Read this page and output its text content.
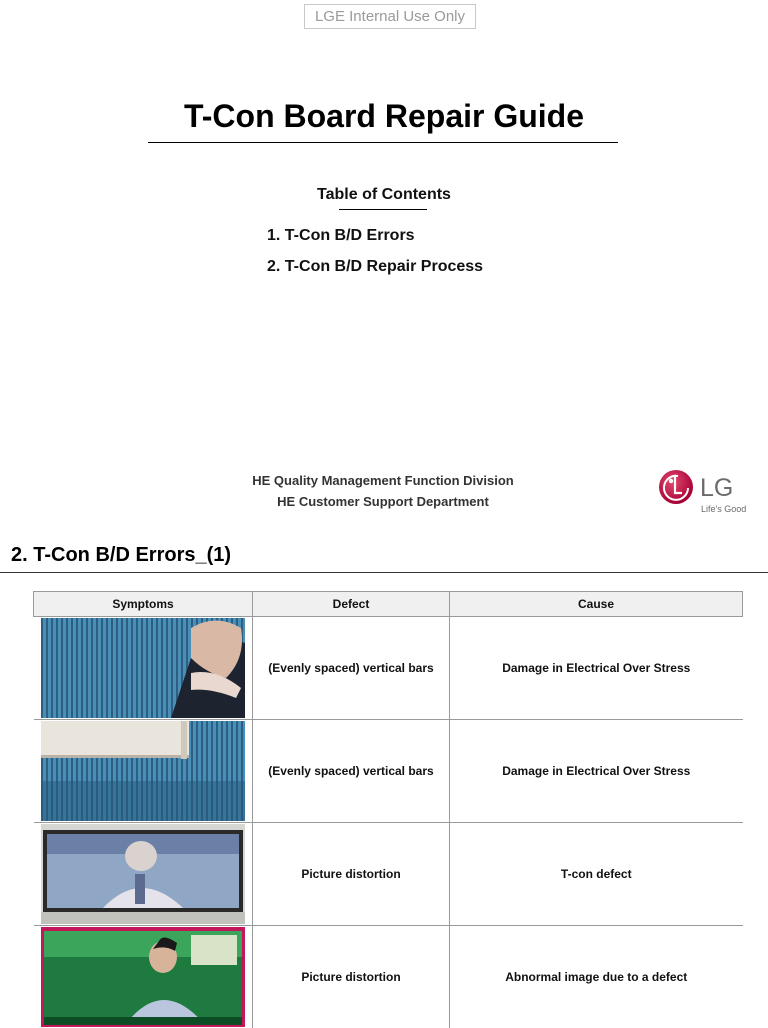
LGE Internal Use Only
T-Con Board Repair Guide
Table of Contents
1. T-Con B/D Errors
2. T-Con B/D Repair Process
HE Quality Management Function Division
HE Customer Support Department	LG
Life's Good
2. T-Con B/D Errors_(1)
Symptoms	Defect	Cause

	(Evenly spaced) vertical bars	Damage in Electrical Over Stress

	(Evenly spaced) vertical bars	Damage in Electrical Over Stress

	Picture distortion	T-con defect

	Picture distortion	Abnormal image due to a defect
